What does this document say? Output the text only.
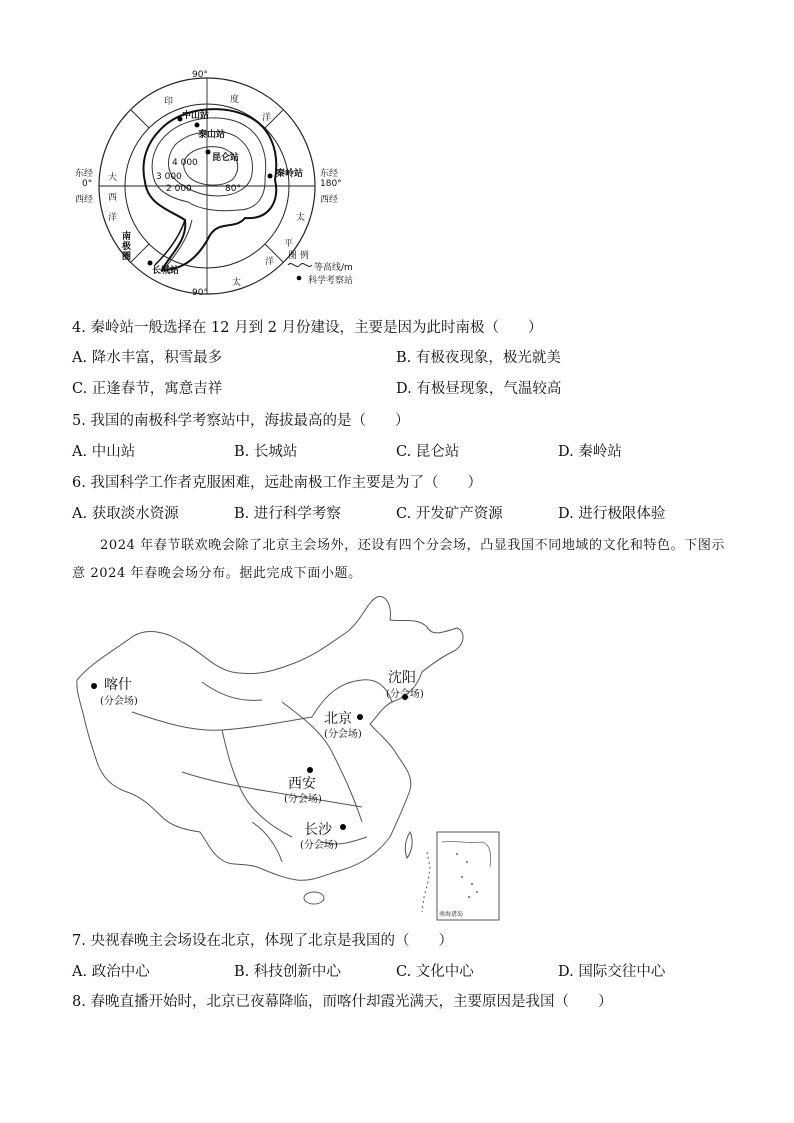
90°
90°
东经
0°
西经
东经
180°
西经
印	度
洋
大
西
洋	太
平
洋
太
中山站
泰山站
昆仑站
秦岭站
长城站
南极圈
4 000
3 000
2 000	80°
图 例
等高线/m
科学考察站
4. 秦岭站一般选择在 12 月到 2 月份建设，主要是因为此时南极（　　）
A. 降水丰富，积雪最多	B. 有极夜现象，极光就美
C. 正逢春节，寓意吉祥	D. 有极昼现象，气温较高
5. 我国的南极科学考察站中，海拔最高的是（　　）
A. 中山站	B. 长城站	C. 昆仑站	D. 秦岭站
6. 我国科学工作者克服困难，远赴南极工作主要是为了（　　）
A. 获取淡水资源	B. 进行科学考察	C. 开发矿产资源	D. 进行极限体验
2024 年春节联欢晚会除了北京主会场外，还设有四个分会场，凸显我国不同地域的文化和特色。下图示意 2024 年春晚会场分布。据此完成下面小题。
喀什
(分会场)
沈阳
(分会场)
北京
(分会场)
西安
(分会场)
长沙
(分会场)
南海诸岛
7. 央视春晚主会场设在北京，体现了北京是我国的（　　）
A. 政治中心	B. 科技创新中心	C. 文化中心	D. 国际交往中心
8. 春晚直播开始时，北京已夜幕降临，而喀什却霞光满天，主要原因是我国（　　）
